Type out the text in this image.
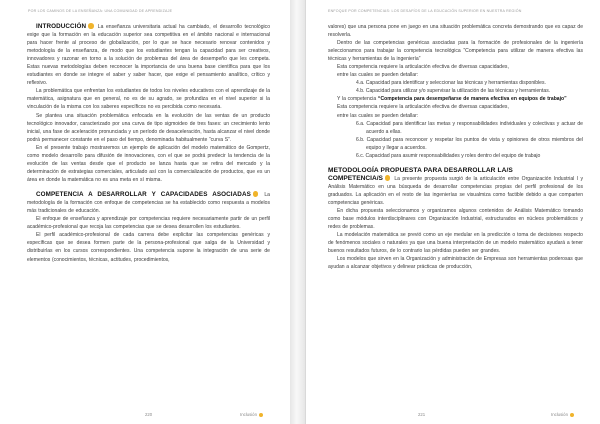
POR LOS CAMINOS DE LA ENSEÑANZA: UNA COMUNIDAD DE APRENDIZAJE

INTRODUCCIÓN La enseñanza universitaria actual ha cambiado, el desarrollo tecnológico exige que la formación en la educación superior sea competitiva en el ámbito nacional e internacional para hacer frente al proceso de globalización, por lo que se hace necesario renovar contenidos y metodología de la enseñanza, de modo que los estudiantes tengan la capacidad para ser creativos, innovadores y razonar en torno a la solución de problemas del área de desempeño que les competa. Estas nuevas metodologías deben reconocer la importancia de una buena base científica para que los estudiantes en donde se integre el saber y saber hacer, que exige el pensamiento analítico, crítico y reflexivo.

La problemática que enfrentan los estudiantes de todos los niveles educativos con el aprendizaje de la matemática, asignatura que en general, no es de su agrado, se profundiza en el nivel superior si la vinculación de la misma con los saberes específicos no es percibida como necesaria.

Se plantea una situación problemática enfocada en la evolución de las ventas de un producto tecnológico innovador, caracterizado por una curva de tipo sigmoideo de tres fases: un crecimiento lento inicial, una fase de aceleración pronunciada y un período de desaceleración, hasta alcanzar el nivel donde podrá permanecer constante en el paso del tiempo, denominada habitualmente “curva S”.

En el presente trabajo mostraremos un ejemplo de aplicación del modelo matemático de Gompertz, como modelo desarrollo para difusión de innovaciones, con el que se podrá predecir la tendencia de la evolución de las ventas desde que el producto se lanza hasta que se retira del mercado y la determinación de estrategias comerciales, articulado así con la comercialización de productos, que es un área en donde la matemática no es una meta en sí misma.

COMPETENCIA A DESARROLLAR Y CAPACIDADES ASOCIADAS	La metodología de la formación con enfoque de competencias se ha establecido como respuesta a modelos más tradicionales de educación.

El enfoque de enseñanza y aprendizaje por competencias requiere necesariamente partir de un perfil académico-profesional que recoja las competencias que se desea desarrollen los estudiantes.

El perfil académico-profesional de cada carrera debe explicitar las competencias genéricas y específicas que se desea formen parte de la persona-profesional que salga de la Universidad y distribuirlas en los cursos correspondientes. Una competencia supone la integración de una serie de elementos (conocimientos, técnicas, actitudes, procedimientos,

220	Inclusión
ENFOQUE POR COMPETENCIAS: LOS DESAFÍOS DE LA EDUCACIÓN SUPERIOR EN NUESTRA REGIÓN

valores) que una persona pone en juego en una situación problemática concreta demostrando que es capaz de resolverla.

Dentro de las competencias genéricas asociadas para la formación de profesionales de la ingeniería seleccionamos para trabajar la competencia tecnológica “Competencia para utilizar de manera efectiva las técnicas y herramientas de la ingeniería”

Esta competencia requiere la articulación efectiva de diversas capacidades,

entre las cuales se pueden detallar:

4.a. Capacidad para identificar y seleccionar las técnicas y herramientas disponibles.
4.b. Capacidad para utilizar y/o supervisar la utilización de las técnicas y herramientas.

Y la competencia “Competencia para desempeñarse de manera efectiva en equipos de trabajo”

Esta competencia requiere la articulación efectiva de diversas capacidades,

entre las cuales se pueden detallar:

6.a. Capacidad para identificar las metas y responsabilidades individuales y colectivas y actuar de acuerdo a ellas.
6.b. Capacidad para reconocer y respetar los puntos de vista y opiniones de otros miembros del equipo y llegar a acuerdos.
6.c. Capacidad para asumir responsabilidades y roles dentro del equipo de trabajo
METODOLOGÍA PROPUESTA PARA DESARROLLAR LA/S

COMPETENCIA/S La presente propuesta surgió de la articulación entre Organización Industrial I y Análisis Matemático en una búsqueda de desarrollar competencias propias del perfil profesional de los graduados. La aplicación en el resto de las ingenierías se visualmiza como factible debido a que comparten competencias genéricas.

En dicha propuesta seleccionamos y organizamos algunos contenidos de Análisis Matemático tomando como base módulos interdisciplinares con Organización Industrial, estructurados en núcleos problemáticos y redes de problemas.

La modelación matemática se previó como un eje medular en la predicción o toma de decisiones respecto de fenómenos sociales o naturales ya que una buena interpretación de un modelo matemático ayudará a tener buenos resultados futuros, de lo contrario las pérdidas pueden ser grandes.

Los modelos que sirven en la Organización y administración de Empresas son herramientas poderosas que ayudan a alcanzar objetivos y delinear prácticas de producción,

221	Inclusión
